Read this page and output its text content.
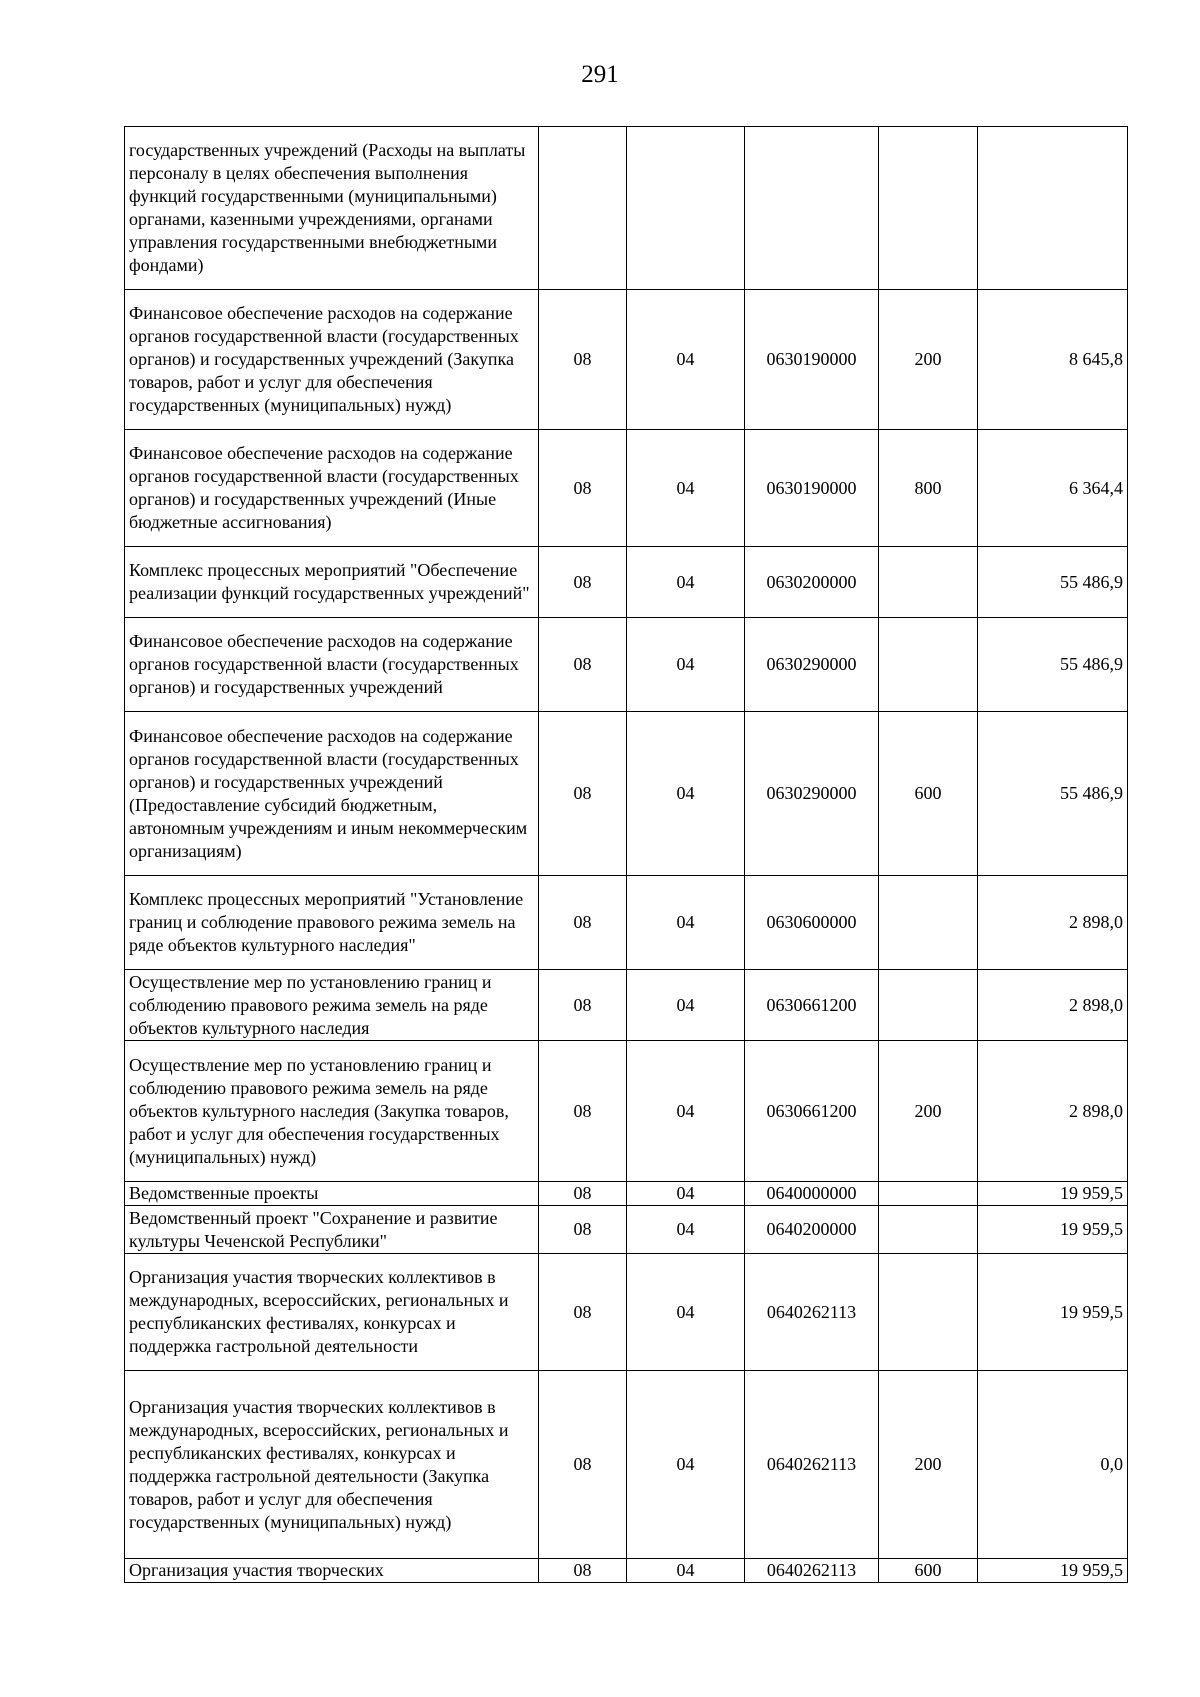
291
государственных учреждений (Расходы на выплаты персоналу в целях обеспечения выполнения функций государственными (муниципальными) органами, казенными учреждениями, органами управления государственными внебюджетными фондами)					
Финансовое обеспечение расходов на содержание органов государственной власти (государственных органов) и государственных учреждений (Закупка товаров, работ и услуг для обеспечения государственных (муниципальных) нужд)	08	04	0630190000	200	8 645,8
Финансовое обеспечение расходов на содержание органов государственной власти (государственных органов) и государственных учреждений (Иные бюджетные ассигнования)	08	04	0630190000	800	6 364,4
Комплекс процессных мероприятий "Обеспечение реализации функций государственных учреждений"	08	04	0630200000		55 486,9
Финансовое обеспечение расходов на содержание органов государственной власти (государственных органов) и государственных учреждений	08	04	0630290000		55 486,9
Финансовое обеспечение расходов на содержание органов государственной власти (государственных органов) и государственных учреждений (Предоставление субсидий бюджетным, автономным учреждениям и иным некоммерческим организациям)	08	04	0630290000	600	55 486,9
Комплекс процессных мероприятий "Установление границ и соблюдение правового режима земель на ряде объектов культурного наследия"	08	04	0630600000		2 898,0
Осуществление мер по установлению границ и соблюдению правового режима земель на ряде объектов культурного наследия	08	04	0630661200		2 898,0
Осуществление мер по установлению границ и соблюдению правового режима земель на ряде объектов культурного наследия (Закупка товаров, работ и услуг для обеспечения государственных (муниципальных) нужд)	08	04	0630661200	200	2 898,0
Ведомственные проекты	08	04	0640000000		19 959,5
Ведомственный проект "Сохранение и развитие культуры Чеченской Республики"	08	04	0640200000		19 959,5
Организация участия творческих коллективов в международных, всероссийских, региональных и республиканских фестивалях, конкурсах и поддержка гастрольной деятельности	08	04	0640262113		19 959,5
Организация участия творческих коллективов в международных, всероссийских, региональных и республиканских фестивалях, конкурсах и поддержка гастрольной деятельности (Закупка товаров, работ и услуг для обеспечения государственных (муниципальных) нужд)	08	04	0640262113	200	0,0
Организация участия творческих	08	04	0640262113	600	19 959,5
